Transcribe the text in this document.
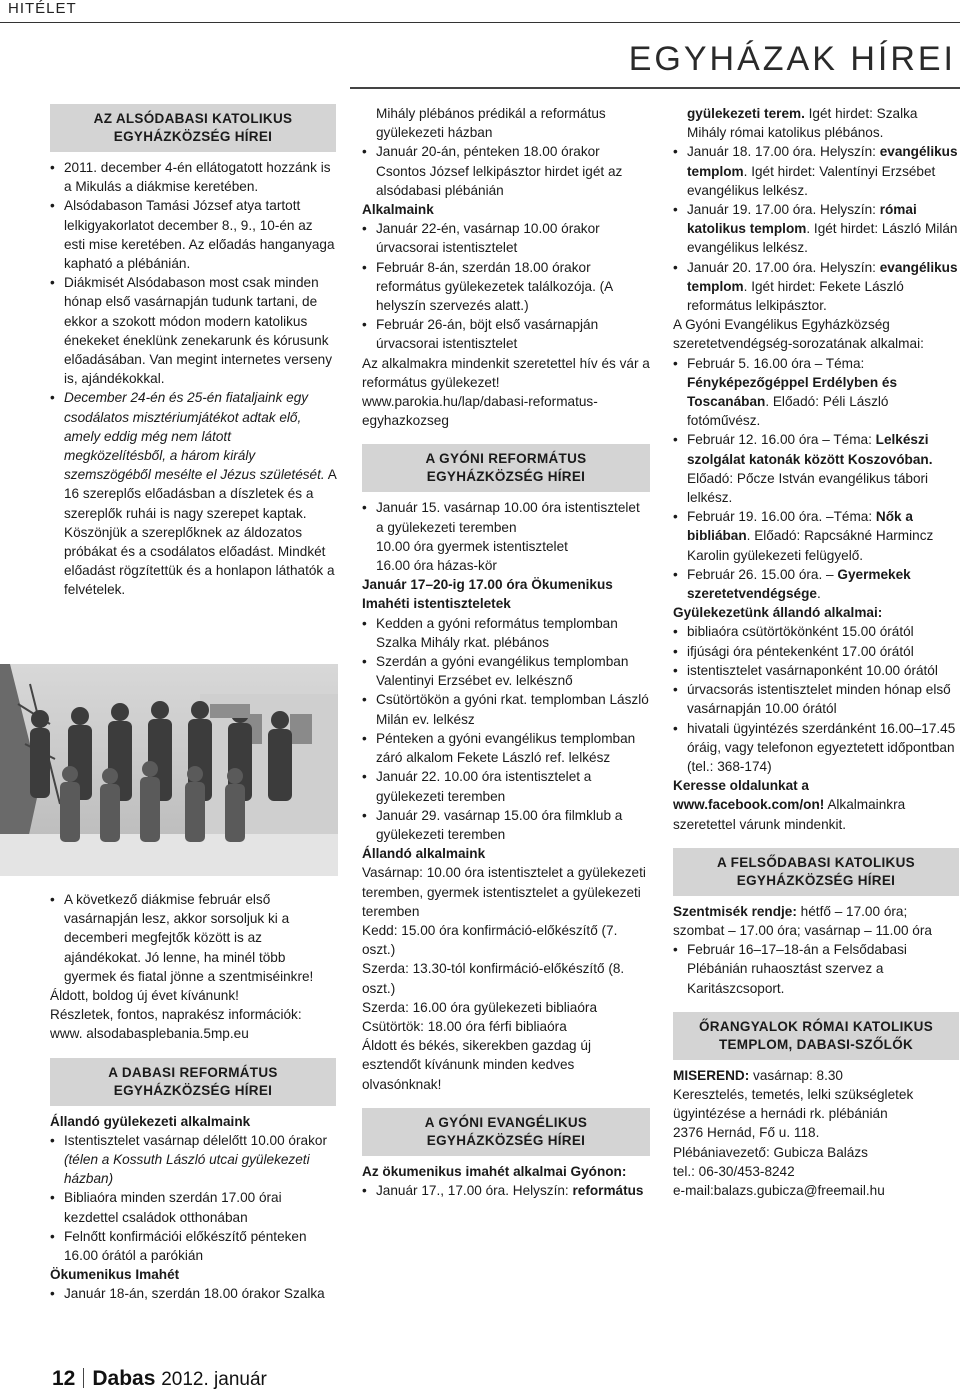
HITÉLET
EGYHÁZAK HÍREI
AZ ALSÓDABASI KATOLIKUS EGYHÁZKÖZSÉG HÍREI
• 2011. december 4-én ellátogatott hozzánk is a Mikulás a diákmise keretében.
• Alsódabason Tamási József atya tartott lelkigyakorlatot december 8., 9., 10-én az esti mise keretében. Az előadás hanganyaga kapható a plébánián.
• Diákmisét Alsódabason most csak minden hónap első vasárnapján tudunk tartani, de ekkor a szokott módon modern katolikus énekeket éneklünk zenekarunk és kórusunk előadásában. Van megint internetes verseny is, ajándékokkal.
• December 24-én és 25-én fiataljaink egy csodálatos misztériumjátékot adtak elő, amely eddig még nem látott megközelítésből, a három király szemszögéből mesélte el Jézus születését. A 16 szereplős előadásban a díszletek és a szereplők ruhái is nagy szerepet kaptak. Köszönjük a szereplőknek az áldozatos próbákat és a csodálatos előadást. Mindkét előadást rögzítettük és a honlapon láthatók a felvételek.
• A következő diákmise február első vasárnapján lesz, akkor sorsoljuk ki a decemberi megfejtők között is az ajándékokat. Jó lenne, ha minél több gyermek és fiatal jönne a szentmiséinkre!

Áldott, boldog új évet kívánunk!

Részletek, fontos, naprakész információk:

www. alsodabasplebania.5mp.eu

A DABASI REFORMÁTUS EGYHÁZKÖZSÉG HÍREI

Állandó gyülekezeti alkalmaink

• Istentisztelet vasárnap délelőtt 10.00 órakor
(télen a Kossuth László utcai gyülekezeti házban)
• Bibliaóra minden szerdán 17.00 órai kezdettel családok otthonában
• Felnőtt konfirmációi előkészítő pénteken 16.00 órától a parókián

Ökumenikus Imahét

• Január 18-án, szerdán 18.00 órakor Szalka

Mihály plébános prédikál a református gyülekezeti házban

• Január 20-án, pénteken 18.00 órakor Csontos József lelkipásztor hirdet igét az alsódabasi plébánián

Alkalmaink

• Január 22-én, vasárnap 10.00 órakor úrvacsorai istentisztelet
• Február 8-án, szerdán 18.00 órakor református gyülekezetek találkozója. (A helyszín szervezés alatt.)
• Február 26-án, böjt első vasárnapján úrvacsorai istentisztelet

Az alkalmakra mindenkit szeretettel hív és vár a református gyülekezet!

www.parokia.hu/lap/dabasi-reformatus-egyhazkozseg

A GYÓNI REFORMÁTUS EGYHÁZKÖZSÉG HÍREI
• Január 15. vasárnap 10.00 óra istentisztelet a gyülekezeti teremben

10.00 óra gyermek istentisztelet

16.00 óra házas-kör

Január 17–20-ig 17.00 óra Ökumenikus Imahéti istentiszteletek

• Kedden a gyóni református templomban Szalka Mihály rkat. plébános
• Szerdán a gyóni evangélikus templomban Valentinyi Erzsébet ev. lelkésznő
• Csütörtökön a gyóni rkat. templomban László Milán ev. lelkész
• Pénteken a gyóni evangélikus templomban záró alkalom Fekete László ref. lelkész
• Január 22. 10.00 óra istentisztelet a gyülekezeti teremben
• Január 29. vasárnap 15.00 óra filmklub a gyülekezeti teremben

Állandó alkalmaink

Vasárnap: 10.00 óra istentisztelet a gyülekezeti teremben, gyermek istentisztelet a gyülekezeti teremben

Kedd: 15.00 óra konfirmáció-előkészítő (7. oszt.)

Szerda: 13.30-tól konfirmáció-előkészítő (8. oszt.)

Szerda: 16.00 óra gyülekezeti bibliaóra

Csütörtök: 18.00 óra férfi bibliaóra

Áldott és békés, sikerekben gazdag új esztendőt kívánunk minden kedves olvasónknak!

A GYÓNI EVANGÉLIKUS EGYHÁZKÖZSÉG HÍREI

Az ökumenikus imahét alkalmai Gyónon:

• Január 17., 17.00 óra. Helyszín: református

gyülekezeti terem. Igét hirdet: Szalka Mihály római katolikus plébános.

• Január 18. 17.00 óra. Helyszín: evangélikus templom. Igét hirdet: Valentínyi Erzsébet evangélikus lelkész.
• Január 19. 17.00 óra. Helyszín: római katolikus templom. Igét hirdet: László Milán evangélikus lelkész.
• Január 20. 17.00 óra. Helyszín: evangélikus templom. Igét hirdet: Fekete László református lelkipásztor.

A Gyóni Evangélikus Egyházközség szeretetvendégség-sorozatának alkalmai:

• Február 5. 16.00 óra – Téma: Fényképezőgéppel Erdélyben és Toscanában. Előadó: Péli László fotóművész.
• Február 12. 16.00 óra – Téma: Lelkészi szolgálat katonák között Koszovóban. Előadó: Pőcze István evangélikus tábori lelkész.
• Február 19. 16.00 óra. –Téma: Nők a bibliában. Előadó: Rapcsákné Harmincz Karolin gyülekezeti felügyelő.
• Február 26. 15.00 óra. – Gyermekek szeretetvendégsége.

Gyülekezetünk állandó alkalmai:

• bibliaóra csütörtökönként 15.00 órától
• ifjúsági óra péntekenként 17.00 órától
• istentisztelet vasárnaponként 10.00 órától
• úrvacsorás istentisztelet minden hónap első vasárnapján 10.00 órától
• hivatali ügyintézés szerdánként 16.00–17.45 óráig, vagy telefonon egyeztetett időpontban (tel.: 368-174)

Keresse oldalunkat a www.facebook.com/on! Alkalmainkra szeretettel várunk mindenkit.

A FELSŐDABASI KATOLIKUS EGYHÁZKÖZSÉG HÍREI

Szentmisék rendje: hétfő – 17.00 óra; szombat – 17.00 óra; vasárnap – 11.00 óra

• Február 16–17–18-án a Felsődabasi Plébánián ruhaosztást szervez a Karitászcsoport.
ŐRANGYALOK RÓMAI KATOLIKUS TEMPLOM, DABASI-SZŐLŐK

MISEREND: vasárnap: 8.30

Keresztelés, temetés, lelki szükségletek ügyintézése a hernádi rk. plébánián

2376 Hernád, Fő u. 118.

Plébániavezető: Gubicza Balázs

tel.: 06-30/453-8242

e-mail:balazs.gubicza@freemail.hu

12 Dabas 2012. január
